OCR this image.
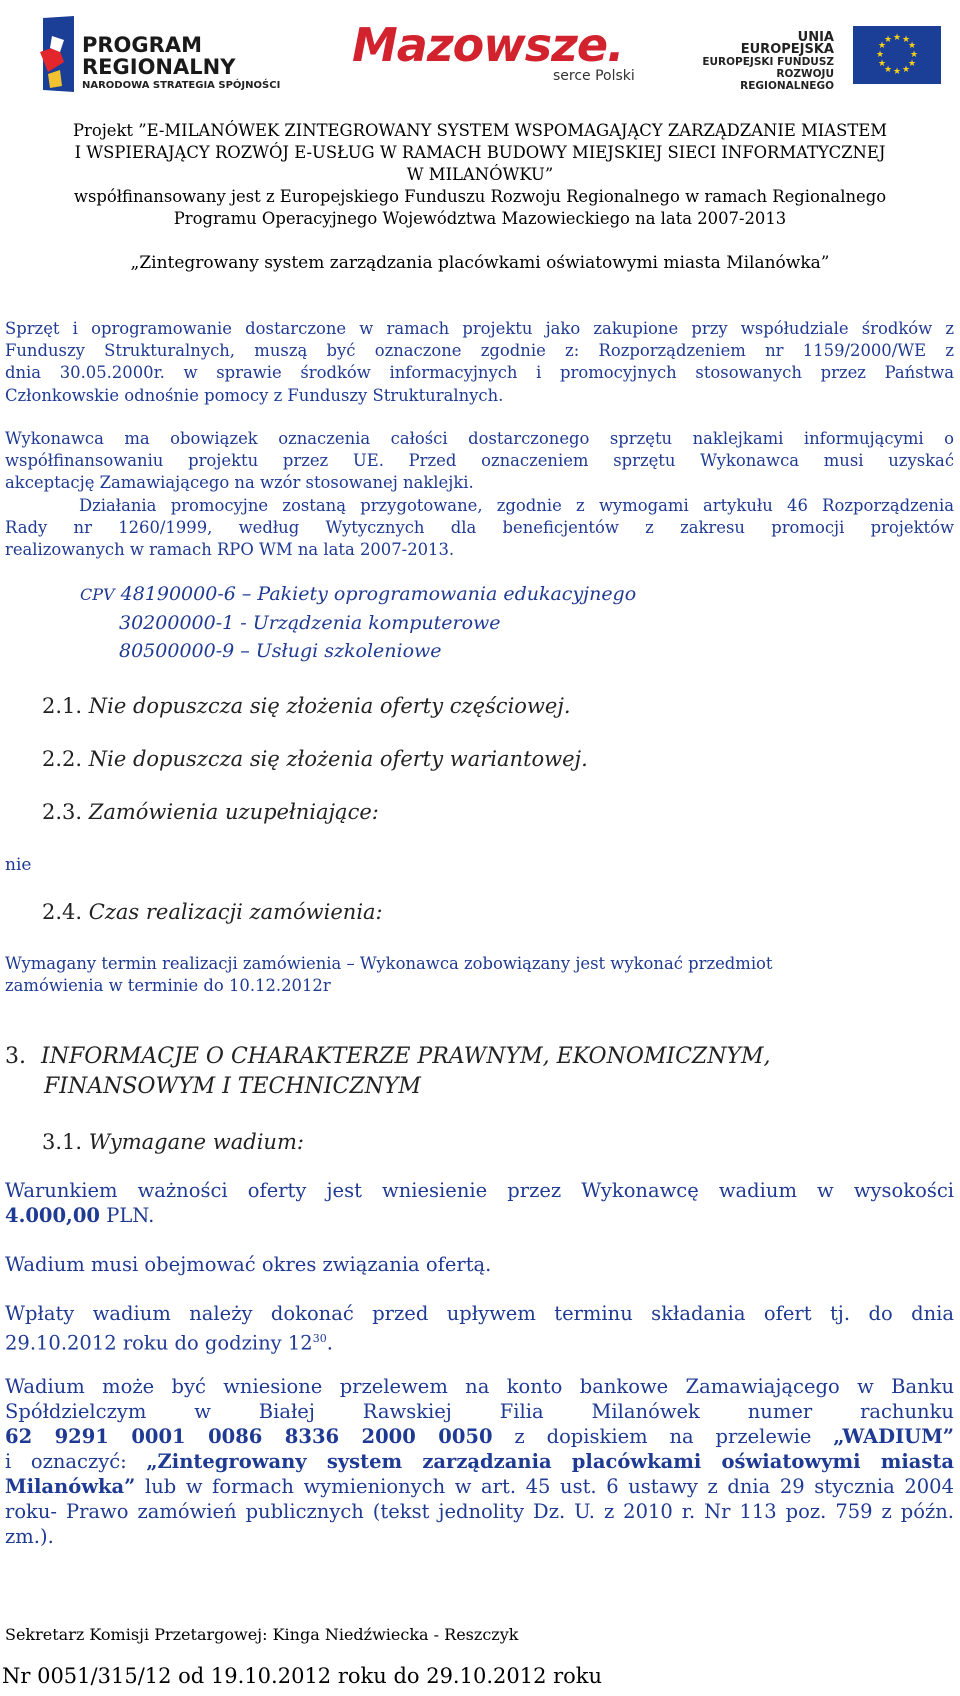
PROGRAM
REGIONALNY
NARODOWA STRATEGIA SPÓJNOŚCI
Mazowsze.
serce Polski
UNIA EUROPEJSKA
EUROPEJSKI FUNDUSZ
ROZWOJU REGIONALNEGO
★ ★
★
★
★
★
★
★
★
★
★
★
Projekt ”E-MILANÓWEK ZINTEGROWANY SYSTEM WSPOMAGAJĄCY ZARZĄDZANIE MIASTEM
I WSPIERAJĄCY ROZWÓJ E-USŁUG W RAMACH BUDOWY MIEJSKIEJ SIECI INFORMATYCZNEJ
W MILANÓWKU”
współfinansowany jest z Europejskiego Funduszu Rozwoju Regionalnego w ramach Regionalnego
Programu Operacyjnego Województwa Mazowieckiego na lata 2007-2013
„Zintegrowany system zarządzania placówkami oświatowymi miasta Milanówka”
Sprzęt i oprogramowanie dostarczone w ramach projektu jako zakupione przy współudziale środków z
Funduszy Strukturalnych, muszą być oznaczone zgodnie z: Rozporządzeniem nr 1159/2000/WE z
dnia 30.05.2000r. w sprawie środków informacyjnych i promocyjnych stosowanych przez Państwa
Członkowskie odnośnie pomocy z Funduszy Strukturalnych.
Wykonawca ma obowiązek oznaczenia całości dostarczonego sprzętu naklejkami informującymi o
współfinansowaniu projektu przez UE. Przed oznaczeniem sprzętu Wykonawca musi uzyskać
akceptację Zamawiającego na wzór stosowanej naklejki.
Działania promocyjne zostaną przygotowane, zgodnie z wymogami artykułu 46 Rozporządzenia
Rady nr 1260/1999, według Wytycznych dla beneficjentów z zakresu promocji projektów
realizowanych w ramach RPO WM na lata 2007-2013.
CPV 48190000-6 – Pakiety oprogramowania edukacyjnego
30200000-1 - Urządzenia komputerowe
80500000-9 – Usługi szkoleniowe
2.1. Nie dopuszcza się złożenia oferty częściowej.
2.2. Nie dopuszcza się złożenia oferty wariantowej.
2.3. Zamówienia uzupełniające:
nie
2.4. Czas realizacji zamówienia:
Wymagany termin realizacji zamówienia – Wykonawca zobowiązany jest wykonać przedmiot
zamówienia w terminie do 10.12.2012r
3. INFORMACJE O CHARAKTERZE PRAWNYM, EKONOMICZNYM,
FINANSOWYM I TECHNICZNYM
3.1. Wymagane wadium:
Warunkiem ważności oferty jest wniesienie przez Wykonawcę wadium w wysokości
4.000,00 PLN.
Wadium musi obejmować okres związania ofertą.
Wpłaty wadium należy dokonać przed upływem terminu składania ofert tj. do dnia
29.10.2012 roku do godziny $12^{30}$.
Wadium może być wniesione przelewem na konto bankowe Zamawiającego w Banku
Spółdzielczym w Białej Rawskiej Filia Milanówek numer rachunku
62 9291 0001 0086 8336 2000 0050 z dopiskiem na przelewie „WADIUM”
i oznaczyć: „Zintegrowany system zarządzania placówkami oświatowymi miasta
Milanówka” lub w formach wymienionych w art. 45 ust. 6 ustawy z dnia 29 stycznia 2004
roku- Prawo zamówień publicznych (tekst jednolity Dz. U. z 2010 r. Nr 113 poz. 759 z późn.
zm.).
Sekretarz Komisji Przetargowej: Kinga Niedźwiecka - Reszczyk
Nr 0051/315/12 od 19.10.2012 roku do 29.10.2012 roku
